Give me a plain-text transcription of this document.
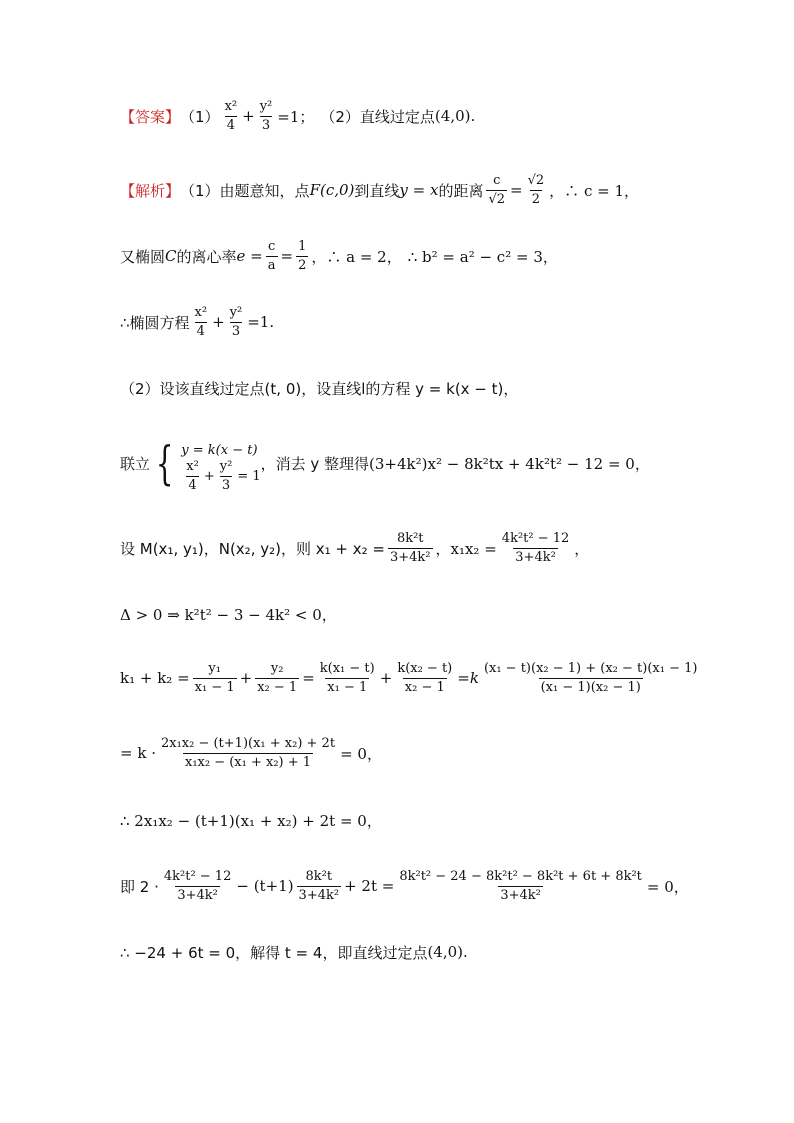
【答案】 $(1) \frac{\text{x²}}{4} + \frac{\text{y²}}{3} =1$； （2）直线过定点 (4,0) .
【解析】 （1）由题意知，点 F(c,0) 到直线 y = x 的距离 $\frac{c}{√2} = \frac{√2}{2}$ ，∴ c = 1，
又椭圆 C 的离心率 $e = \frac{c}{a} = \frac{1}{2}$ ，∴ a = 2， ∴ b² = a² − c² = 3，
∴椭圆方程 $\frac{\text{x²}}{4} + \frac{\text{y²}}{3} =1$.
（2）设该直线过定点(t, 0)，设直线l的方程 y = k(x − t)，
联立 { y = k(x − t)
$\frac{\text{x²}}{4} + \frac{\text{y²}}{3} = 1$
，消去 y 整理得 (3+4k²)x² − 8k²tx + 4k²t² − 12 = 0，
设 M(x₁, y₁)，N(x₂, y₂)，则 $x_1 + x_2 = \frac{\text{8k²t}}{\text{3+4k²}}$ ，$x_1x_2 = \frac{\text{4k²t² − 12}}{\text{3+4k²}}$ ，
Δ > 0 ⇒ k²t² − 3 − 4k² < 0，
$k_1 + k_2 = \frac{\text{y₁}}{\text{x₁ − 1}} + \frac{\text{y₂}}{\text{x₂ − 1}} = \frac{\text{k(x₁ − t)}}{\text{x₁ − 1}} + \frac{\text{k(x₂ − t)}}{\text{x₂ − 1}} = k \frac{\text{(x₁ − t)(x₂ − 1) + (x₂ − t)(x₁ − 1)}}{\text{(x₁ − 1)(x₂ − 1)}}$
= $k \cdot \frac{\text{2x₁x₂ − (t+1)(x₁ + x₂) + 2t}}{\text{x₁x₂ − (x₁ + x₂) + 1}} = 0$，
∴ 2x₁x₂ − (t+1)(x₁ + x₂) + 2t = 0，
即 $2 \cdot \frac{\text{4k²t² − 12}}{\text{3+4k²}} - (t+1) \frac{\text{8k²t}}{\text{3+4k²}} + 2t = \frac{\text{8k²t² − 24 − 8k²t² − 8k²t + 6t + 8k²t}}{\text{3+4k²}} = 0$，
∴ −24 + 6t = 0，解得 t = 4，即直线过定点 (4,0) .
